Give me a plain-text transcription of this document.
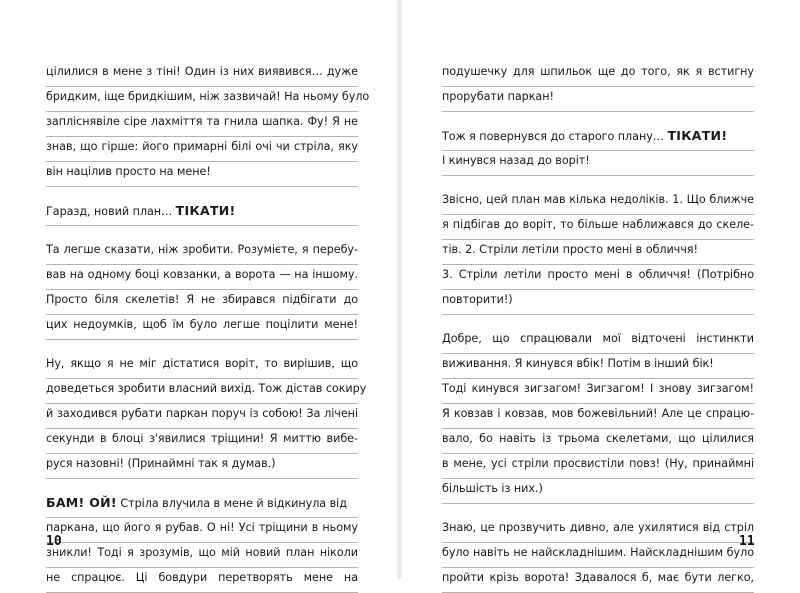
цілилися в мене з тіні! Один із них виявився… дуже
бридким, іще бридкішим, ніж зазвичай! На ньому було
запліснявіле сіре лахміття та гнила шапка. Фу! Я не
знав, що гірше: його примарні білі очі чи стріла, яку
він націлив просто на мене!
Гаразд, новий план… ТІКАТИ!
Та легше сказати, ніж зробити. Розумієте, я перебу-
вав на одному боці ковзанки, а ворота — на іншому.
Просто біля скелетів! Я не збирався підбігати до
цих недоумків, щоб їм було легше поцілити мене!
Ну, якщо я не міг дістатися воріт, то вирішив, що
доведеться зробити власний вихід. Тож дістав сокиру
й заходився рубати паркан поруч із собою! За лічені
секунди в блоці з'явилися тріщини! Я миттю вибе-
руся назовні! (Принаймні так я думав.)
БАМ! ОЙ! Стріла влучила в мене й відкинула від
паркана, що його я рубав. О ні! Усі тріщини в ньому
зникли! Тоді я зрозумів, що мій новий план ніколи
не спрацює. Ці бовдури перетворять мене на
10
подушечку для шпильок ще до того, як я встигну
прорубати паркан!
Тож я повернувся до старого плану… ТІКАТИ!
І кинувся назад до воріт!
Звісно, цей план мав кілька недоліків. 1. Що ближче
я підбігав до воріт, то більше наближався до скеле-
тів. 2. Стріли летіли просто мені в обличчя!
3. Стріли летіли просто мені в обличчя! (Потрібно
повторити!)
Добре, що спрацювали мої відточені інстинкти
виживання. Я кинувся вбік! Потім в інший бік!
Тоді кинувся зигзагом! Зигзагом! І знову зигзагом!
Я ковзав і ковзав, мов божевільний! Але це спрацю-
вало, бо навіть із трьома скелетами, що цілилися
в мене, усі стріли просвистіли повз! (Ну, принаймні
більшість із них.)
Знаю, це прозвучить дивно, але ухилятися від стріл
було навіть не найскладнішим. Найскладнішим було
пройти крізь ворота! Здавалося б, має бути легко,
11
